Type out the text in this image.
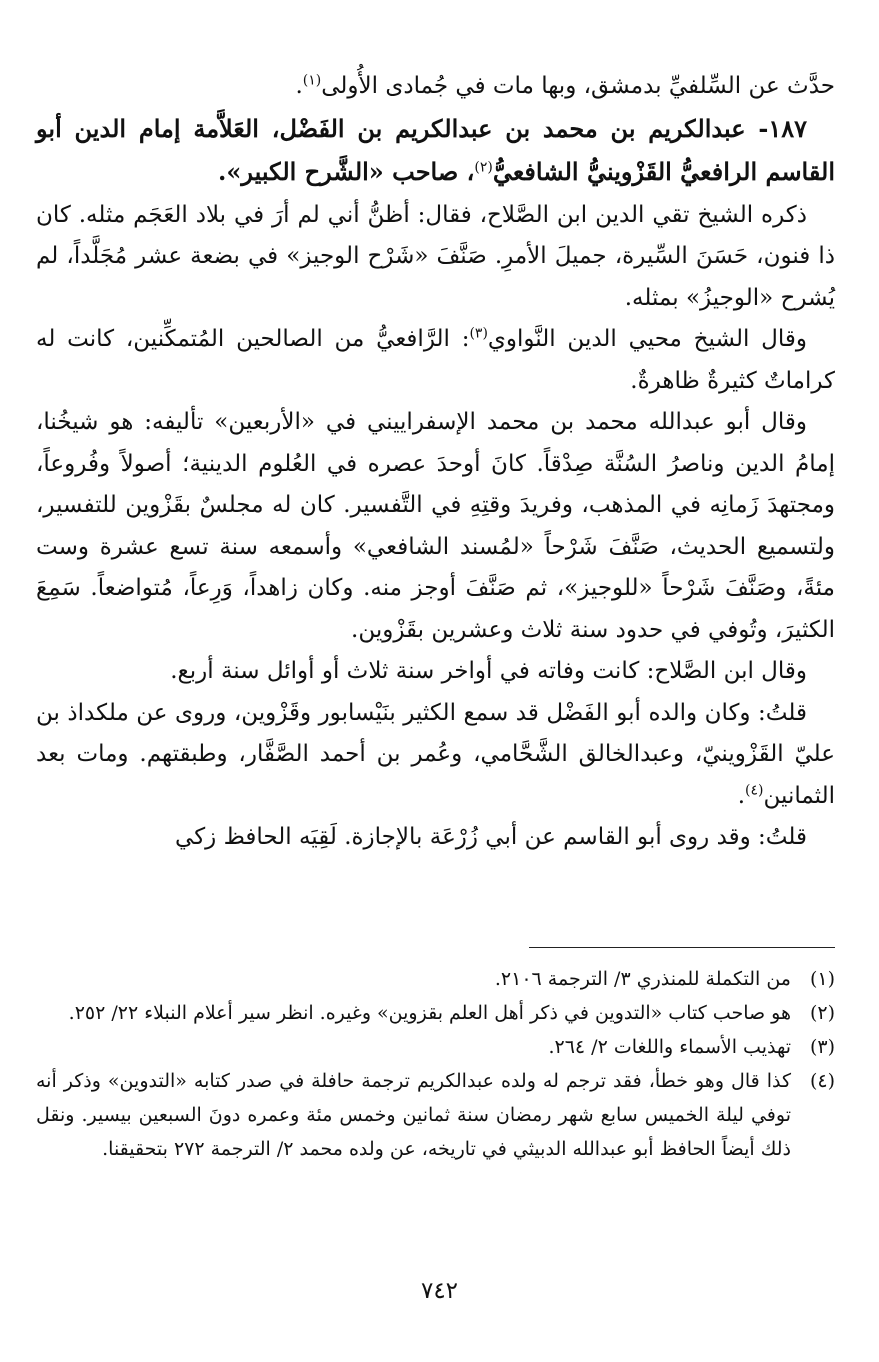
حدَّث عن السِّلفيِّ بدمشق، وبها مات في جُمادى الأُولى$^{(١)}$.

١٨٧- عبدالكريم بن محمد بن عبدالكريم بن الفَضْل، العَلاَّمة إمام الدين أبو القاسم الرافعيُّ القَزْوينيُّ الشافعيُّ$^{(٢)}$، صاحب «الشَّرح الكبير».

ذكره الشيخ تقي الدين ابن الصَّلاح، فقال: أظنُّ أني لم أرَ في بلاد العَجَم مثله. كان ذا فنون، حَسَنَ السِّيرة، جميلَ الأمرِ. صَنَّفَ «شَرْح الوجيز» في بضعة عشر مُجَلَّداً، لم يُشرح «الوجيزُ» بمثله.

وقال الشيخ محيي الدين النَّواوي$^{(٣)}$: الرَّافعيُّ من الصالحين المُتمكِّنين، كانت له كراماتٌ كثيرةٌ ظاهرةٌ.

وقال أبو عبدالله محمد بن محمد الإسفراييني في «الأربعين» تأليفه: هو شيخُنا، إمامُ الدين وناصرُ السُنَّة صِدْقاً. كانَ أوحدَ عصره في العُلوم الدينية؛ أصولاً وفُروعاً، ومجتهدَ زَمانِه في المذهب، وفريدَ وقتِهِ في التَّفسير. كان له مجلسٌ بقَزْوين للتفسير، ولتسميع الحديث، صَنَّفَ شَرْحاً «لمُسند الشافعي» وأسمعه سنة تسع عشرة وست مئةً، وصَنَّفَ شَرْحاً «للوجيز»، ثم صَنَّفَ أوجز منه. وكان زاهداً، وَرِعاً، مُتواضعاً. سَمِعَ الكثيرَ، وتُوفي في حدود سنة ثلاث وعشرين بقَزْوين.

وقال ابن الصَّلاح: كانت وفاته في أواخر سنة ثلاث أو أوائل سنة أربع.

قلتُ: وكان والده أبو الفَضْل قد سمع الكثير بنَيْسابور وقَزْوين، وروى عن ملكداذ بن عليّ القَزْوينيّ، وعبدالخالق الشَّحَّامي، وعُمر بن أحمد الصَّفَّار، وطبقتهم. ومات بعد الثمانين$^{(٤)}$.

قلتُ: وقد روى أبو القاسم عن أبي زُرْعَة بالإجازة. لَقِيَه الحافظ زكي

(١)
من التكملة للمنذري ٣/ الترجمة ٢١٠٦.
(٢)
هو صاحب كتاب «التدوين في ذكر أهل العلم بقزوين» وغيره. انظر سير أعلام النبلاء ٢٢/ ٢٥٢.
(٣)
تهذيب الأسماء واللغات ٢/ ٢٦٤.
(٤)
كذا قال وهو خطأ، فقد ترجم له ولده عبدالكريم ترجمة حافلة في صدر كتابه «التدوين» وذكر أنه توفي ليلة الخميس سابع شهر رمضان سنة ثمانين وخمس مئة وعمره دونَ السبعين بيسير. ونقل ذلك أيضاً الحافظ أبو عبدالله الدبيثي في تاريخه، عن ولده محمد ٢/ الترجمة ٢٧٢ بتحقيقنا.
٧٤٢
